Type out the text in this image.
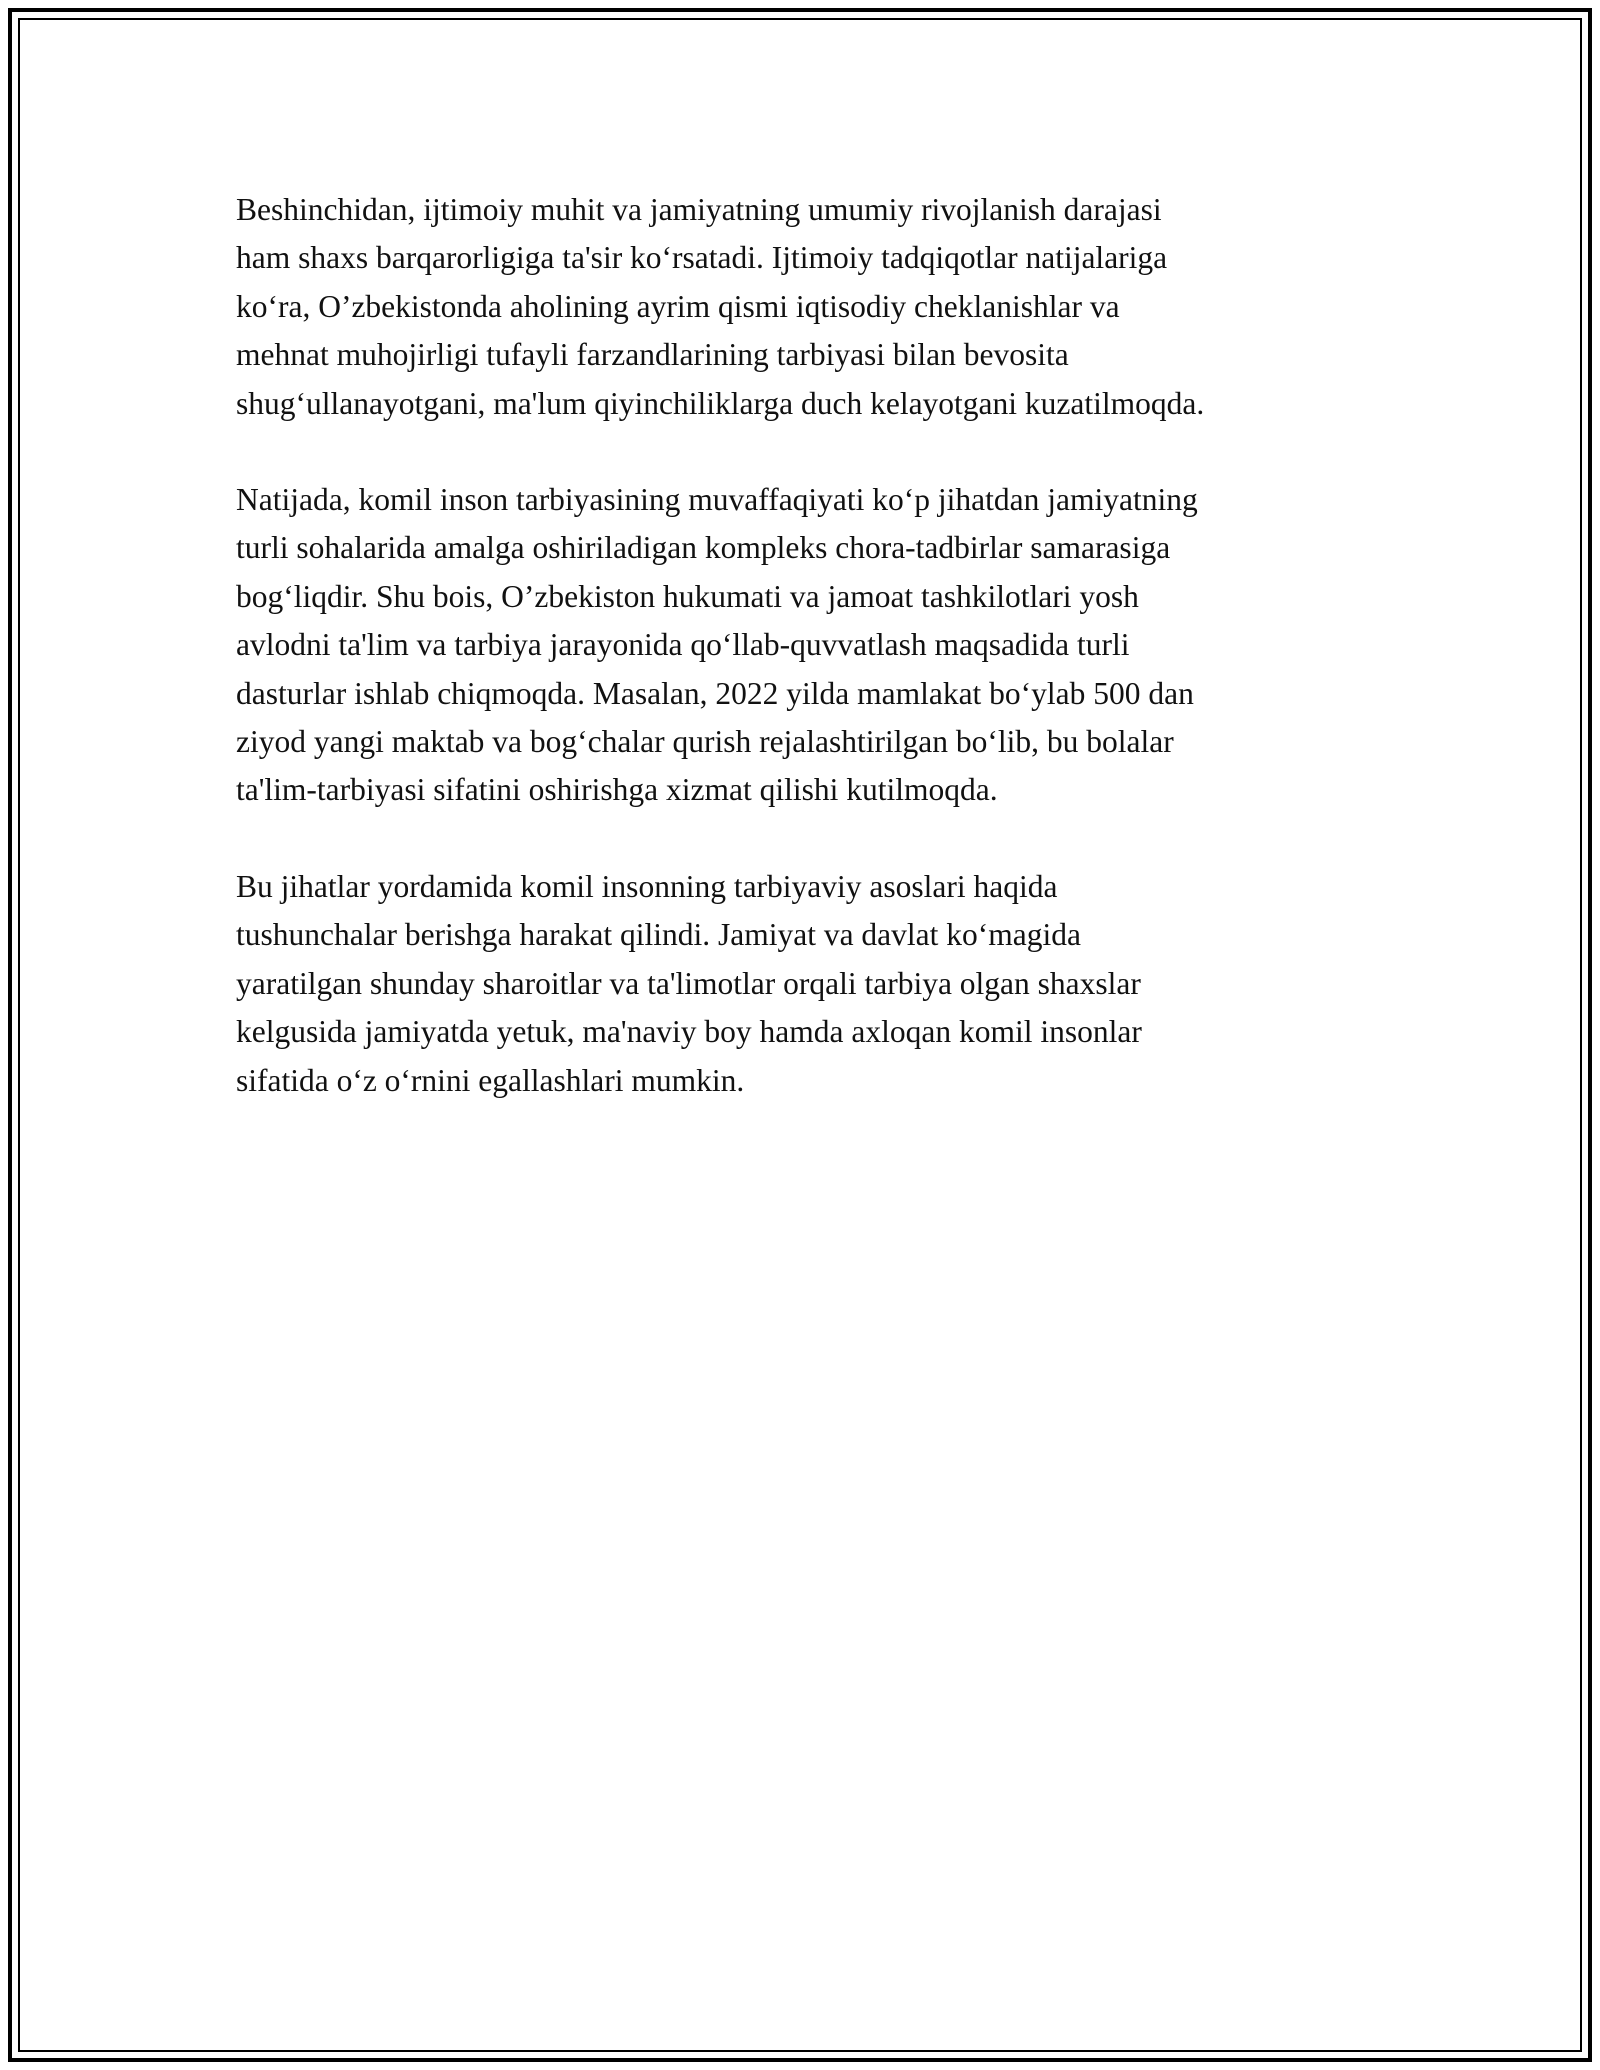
Beshinchidan, ijtimoiy muhit va jamiyatning umumiy rivojlanish darajasi
ham shaxs barqarorligiga ta'sir koʻrsatadi. Ijtimoiy tadqiqotlar natijalariga
koʻra, O’zbekistonda aholining ayrim qismi iqtisodiy cheklanishlar va
mehnat muhojirligi tufayli farzandlarining tarbiyasi bilan bevosita
shugʻullanayotgani, ma'lum qiyinchiliklarga duch kelayotgani kuzatilmoqda.

Natijada, komil inson tarbiyasining muvaffaqiyati koʻp jihatdan jamiyatning
turli sohalarida amalga oshiriladigan kompleks chora-tadbirlar samarasiga
bogʻliqdir. Shu bois, O’zbekiston hukumati va jamoat tashkilotlari yosh
avlodni ta'lim va tarbiya jarayonida qoʻllab-quvvatlash maqsadida turli
dasturlar ishlab chiqmoqda. Masalan, 2022 yilda mamlakat boʻylab 500 dan
ziyod yangi maktab va bogʻchalar qurish rejalashtirilgan boʻlib, bu bolalar
ta'lim-tarbiyasi sifatini oshirishga xizmat qilishi kutilmoqda.

Bu jihatlar yordamida komil insonning tarbiyaviy asoslari haqida
tushunchalar berishga harakat qilindi. Jamiyat va davlat koʻmagida
yaratilgan shunday sharoitlar va ta'limotlar orqali tarbiya olgan shaxslar
kelgusida jamiyatda yetuk, ma'naviy boy hamda axloqan komil insonlar
sifatida oʻz oʻrnini egallashlari mumkin.
